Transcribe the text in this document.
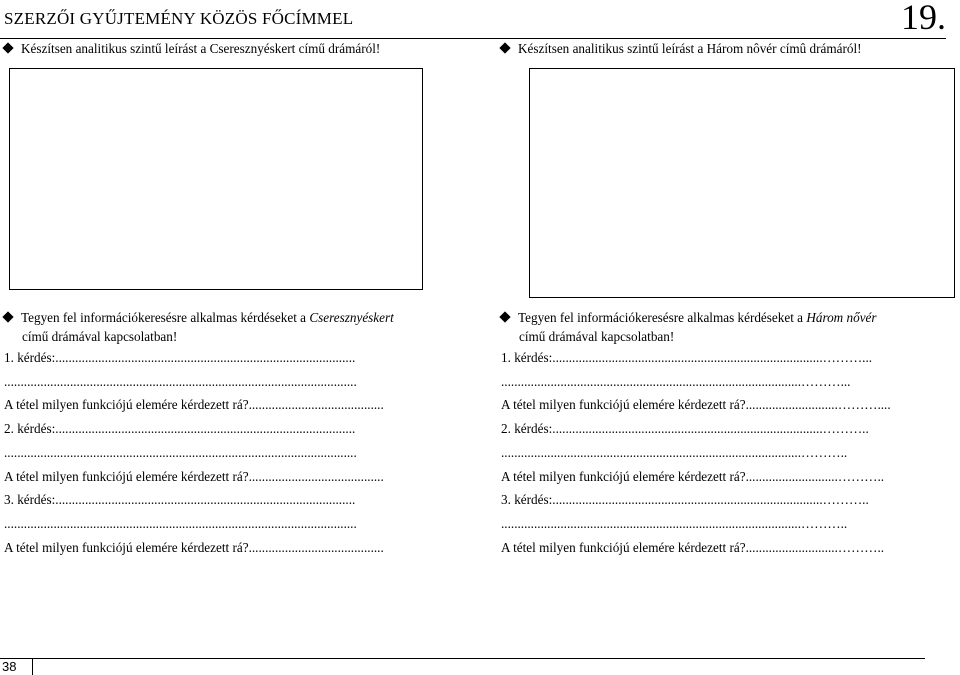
SZERZŐI GYŰJTEMÉNY KÖZÖS FŐCÍMMEL	19.
Készítsen analitikus szintű leírást a Cseresznyéskert című drámáról!
Tegyen fel információkeresésre alkalmas kérdéseket a Cseresznyéskert
című drámával kapcsolatban!
1. kérdés:...........................................................................................
...........................................................................................................
A tétel milyen funkciójú elemére kérdezett rá?.........................................
2. kérdés:...........................................................................................
...........................................................................................................
A tétel milyen funkciójú elemére kérdezett rá?.........................................
3. kérdés:...........................................................................................
...........................................................................................................
A tétel milyen funkciójú elemére kérdezett rá?.........................................
Készítsen analitikus szintű leírást a Három nôvér címû drámáról!
Tegyen fel információkeresésre alkalmas kérdéseket a Három nővér
című drámával kapcsolatban!
1. kérdés:..................................................................................………...
...........................................................................................………...
A tétel milyen funkciójú elemére kérdezett rá?............................………....
2. kérdés:..................................................................................………..
...........................................................................................………..
A tétel milyen funkciójú elemére kérdezett rá?............................………..
3. kérdés:..................................................................................………..
...........................................................................................………..
A tétel milyen funkciójú elemére kérdezett rá?............................………..
38
